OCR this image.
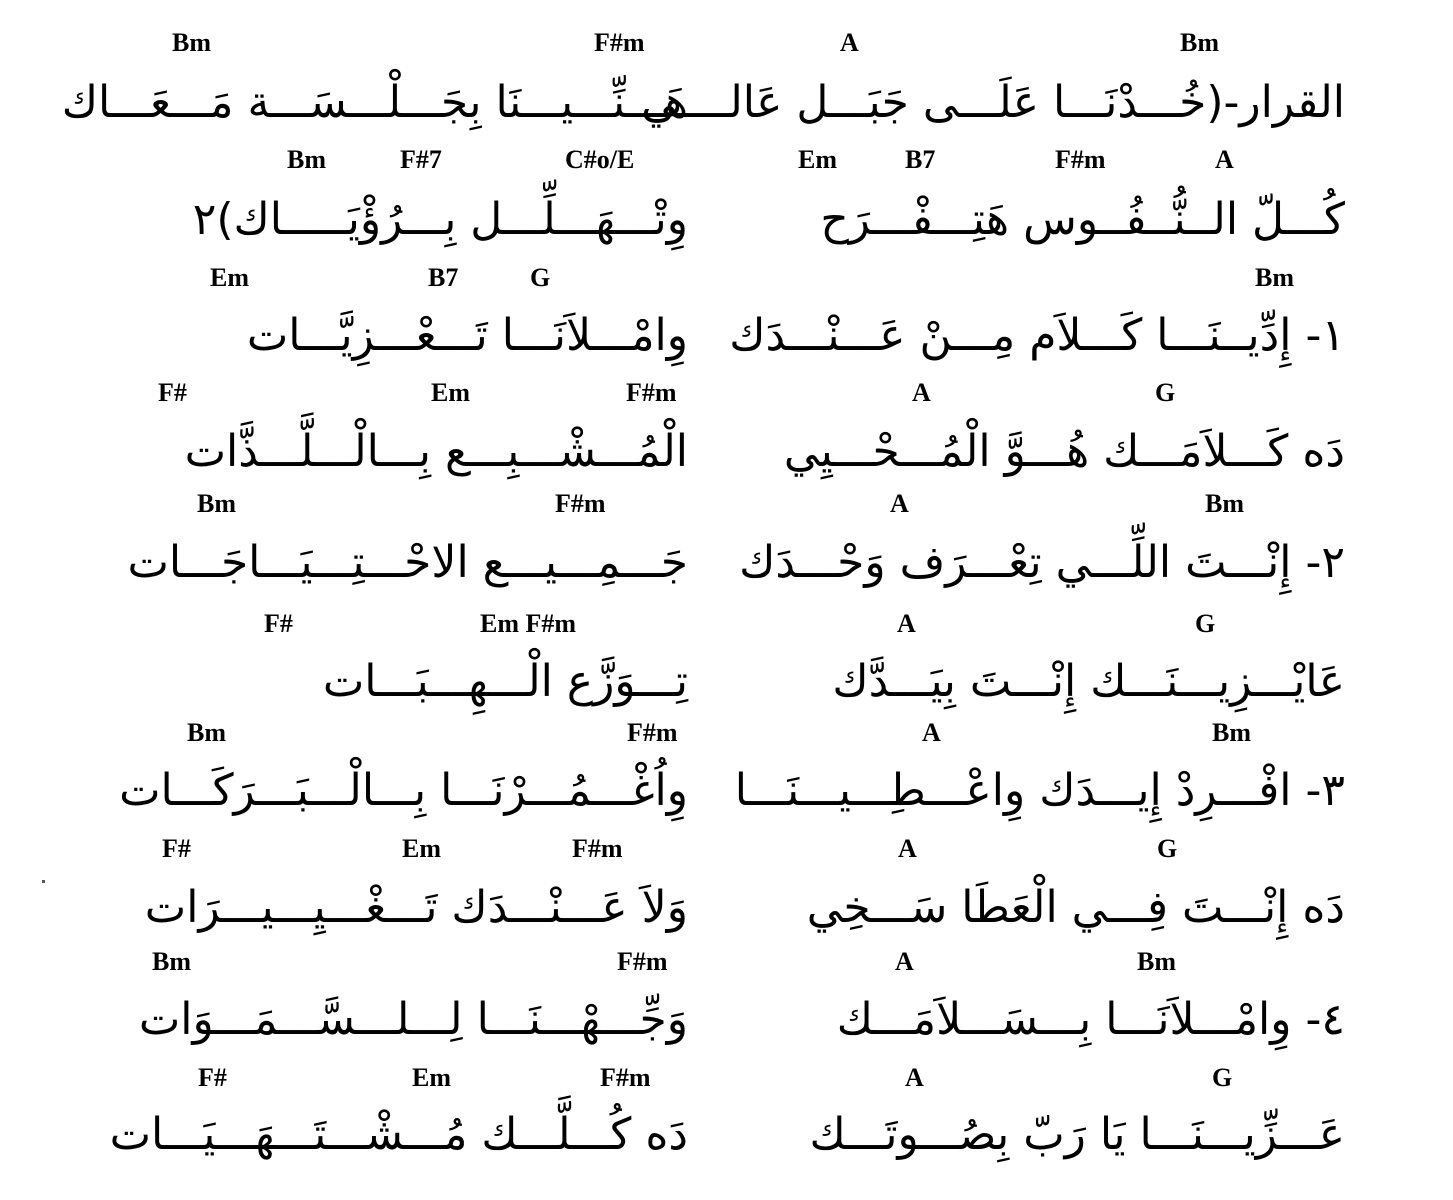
Bm
A
F#m
Bm
القرار-(خُـــدْنَـــا عَلَـــى جَبَـــل عَالــــي
هَـــنِّـــيـــنَا بِجَـــلْـــسَـــة مَـــعَـــاك
A
F#m
B7
Em
C#o/E
F#7
Bm
كُـــلّ الــنُّــفُــوس هَتِـــفْـــرَح
وِتْـــهَـــلِّـــل بِـــرُؤْيَـــــاك)٢
Bm
G
B7
Em
١- إِدِّيــنَـــا كَـــلاَم مِـــنْ عَـــنْـــدَك
وِامْـــلاَنَـــا تَـــعْـــزِيَّـــات
G
A
F#m
Em
F#
دَه كَـــلاَمَـــك هُـــوَّ الْمُـــحْـــيِي
الْمُـــشْـــبِـــع بِـــالْـــلَّـــذَّات
Bm
A
F#m
Bm
٢- إِنْـــتَ اللِّـــي تِعْـــرَف وَحْـــدَك
جَـــمِـــيـــع الاحْـــتِـــيَـــاجَـــات
G
A
Em F#m
F#
عَايْـــزِيـــنَـــك إِنْـــتَ بِيَـــدَّك
تِـــوَزَّع الْـــهِـــبَـــات
Bm
A
F#m
Bm
٣- افْـــرِدْ إِيـــدَك وِاعْـــطِـــيـــنَـــا
وِاُغْـــمُـــرْنَـــا بِـــالْـــبَـــرَكَـــات
G
A
F#m
Em
F#
دَه إِنْـــتَ فِـــي الْعَطَا سَـــخِي
وَلاَ عَـــنْـــدَك تَـــغْـــيِـــيـــرَات
Bm
A
F#m
Bm
٤- وِامْـــلاَنَـــا بِـــسَـــلاَمَـــك
وَجِّـــهْـــنَـــا لِـــلـــسَّـــمَـــوَات
G
A
F#m
Em
F#
عَـــزِّيـــنَـــا يَا رَبّ بِصُـــوتَـــك
دَه كُـــلَّـــك مُـــشْـــتَـــهَـــيَـــات
